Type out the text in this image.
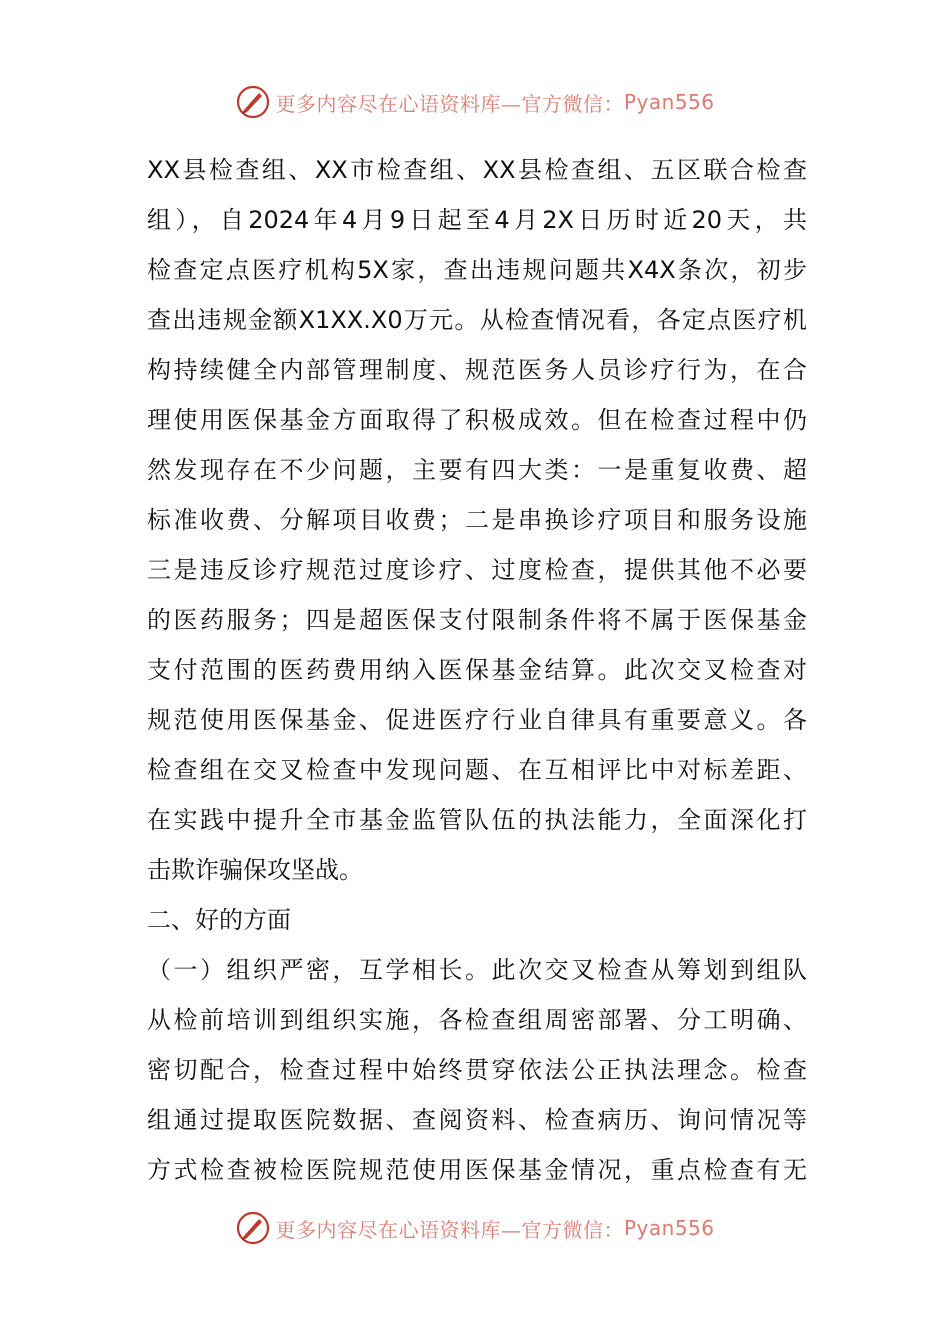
更多内容尽在心语资料库—官方微信： Pyan556
XX县检查组、XX市检查组、XX县检查组、五区联合检查
组），自2024年4月9日起至4月2X日历时近20天，共
检查定点医疗机构5X家，查出违规问题共X4X条次，初步
查出违规金额X1XX.X0万元。从检查情况看，各定点医疗机
构持续健全内部管理制度、规范医务人员诊疗行为，在合
理使用医保基金方面取得了积极成效。但在检查过程中仍
然发现存在不少问题，主要有四大类：一是重复收费、超
标准收费、分解项目收费；二是串换诊疗项目和服务设施
三是违反诊疗规范过度诊疗、过度检查，提供其他不必要
的医药服务；四是超医保支付限制条件将不属于医保基金
支付范围的医药费用纳入医保基金结算。此次交叉检查对
规范使用医保基金、促进医疗行业自律具有重要意义。各
检查组在交叉检查中发现问题、在互相评比中对标差距、
在实践中提升全市基金监管队伍的执法能力，全面深化打
击欺诈骗保攻坚战。
二、好的方面
（一）组织严密，互学相长。此次交叉检查从筹划到组队
从检前培训到组织实施，各检查组周密部署、分工明确、
密切配合，检查过程中始终贯穿依法公正执法理念。检查
组通过提取医院数据、查阅资料、检查病历、询问情况等
方式检查被检医院规范使用医保基金情况，重点检查有无
更多内容尽在心语资料库—官方微信： Pyan556
